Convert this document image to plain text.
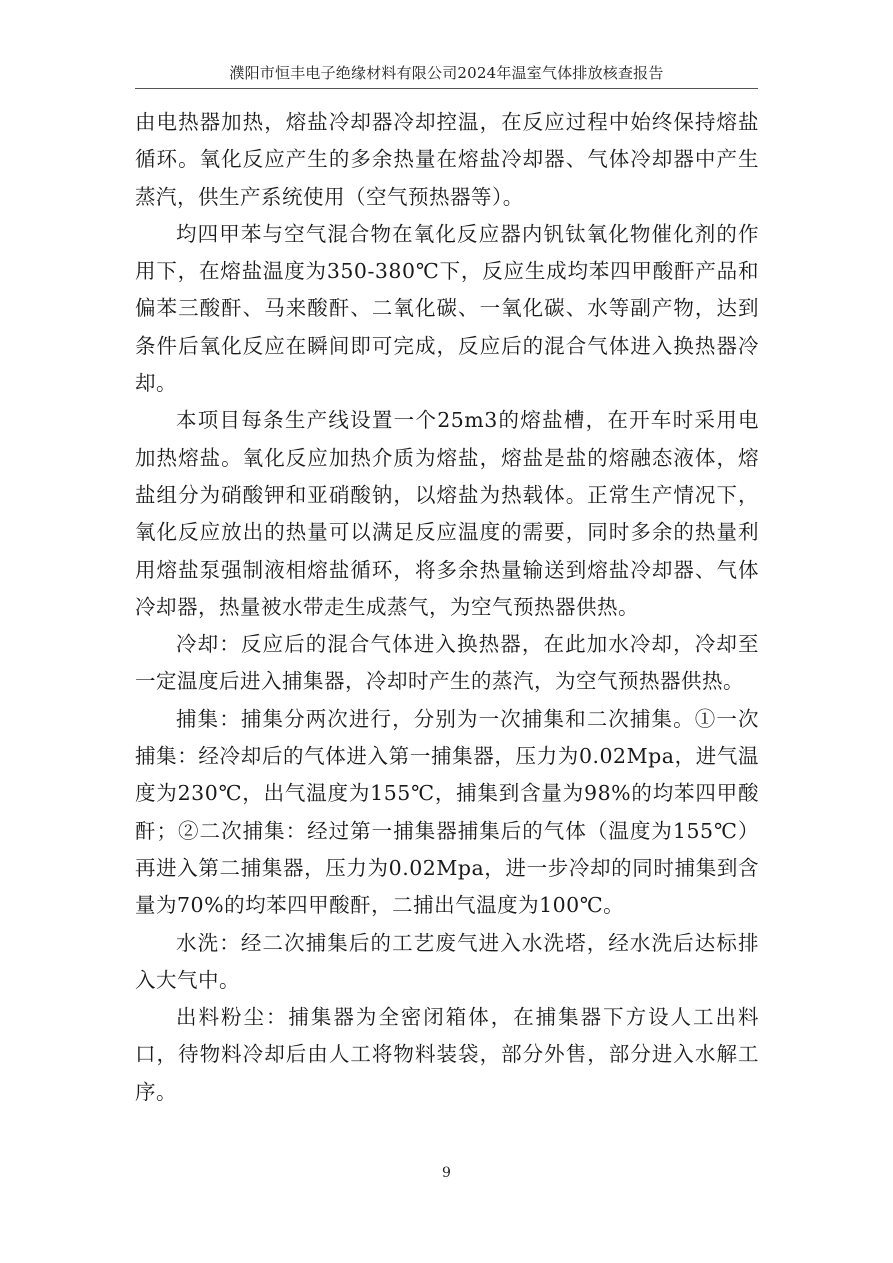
濮阳市恒丰电子绝缘材料有限公司2024年温室气体排放核查报告

由电热器加热，熔盐冷却器冷却控温，在反应过程中始终保持熔盐循环。氧化反应产生的多余热量在熔盐冷却器、气体冷却器中产生蒸汽，供生产系统使用（空气预热器等）。

均四甲苯与空气混合物在氧化反应器内钒钛氧化物催化剂的作用下，在熔盐温度为350-380℃下，反应生成均苯四甲酸酐产品和偏苯三酸酐、马来酸酐、二氧化碳、一氧化碳、水等副产物，达到条件后氧化反应在瞬间即可完成，反应后的混合气体进入换热器冷却。

本项目每条生产线设置一个25m3的熔盐槽，在开车时采用电加热熔盐。氧化反应加热介质为熔盐，熔盐是盐的熔融态液体，熔盐组分为硝酸钾和亚硝酸钠，以熔盐为热载体。正常生产情况下，氧化反应放出的热量可以满足反应温度的需要，同时多余的热量利用熔盐泵强制液相熔盐循环，将多余热量输送到熔盐冷却器、气体冷却器，热量被水带走生成蒸气，为空气预热器供热。

冷却：反应后的混合气体进入换热器，在此加水冷却，冷却至一定温度后进入捕集器，冷却时产生的蒸汽，为空气预热器供热。

捕集：捕集分两次进行，分别为一次捕集和二次捕集。①一次捕集：经冷却后的气体进入第一捕集器，压力为0.02Mpa，进气温度为230℃，出气温度为155℃，捕集到含量为98%的均苯四甲酸酐；②二次捕集：经过第一捕集器捕集后的气体（温度为155℃）再进入第二捕集器，压力为0.02Mpa，进一步冷却的同时捕集到含量为70%的均苯四甲酸酐，二捕出气温度为100℃。

水洗：经二次捕集后的工艺废气进入水洗塔，经水洗后达标排入大气中。

出料粉尘：捕集器为全密闭箱体，在捕集器下方设人工出料口，待物料冷却后由人工将物料装袋，部分外售，部分进入水解工序。

9
